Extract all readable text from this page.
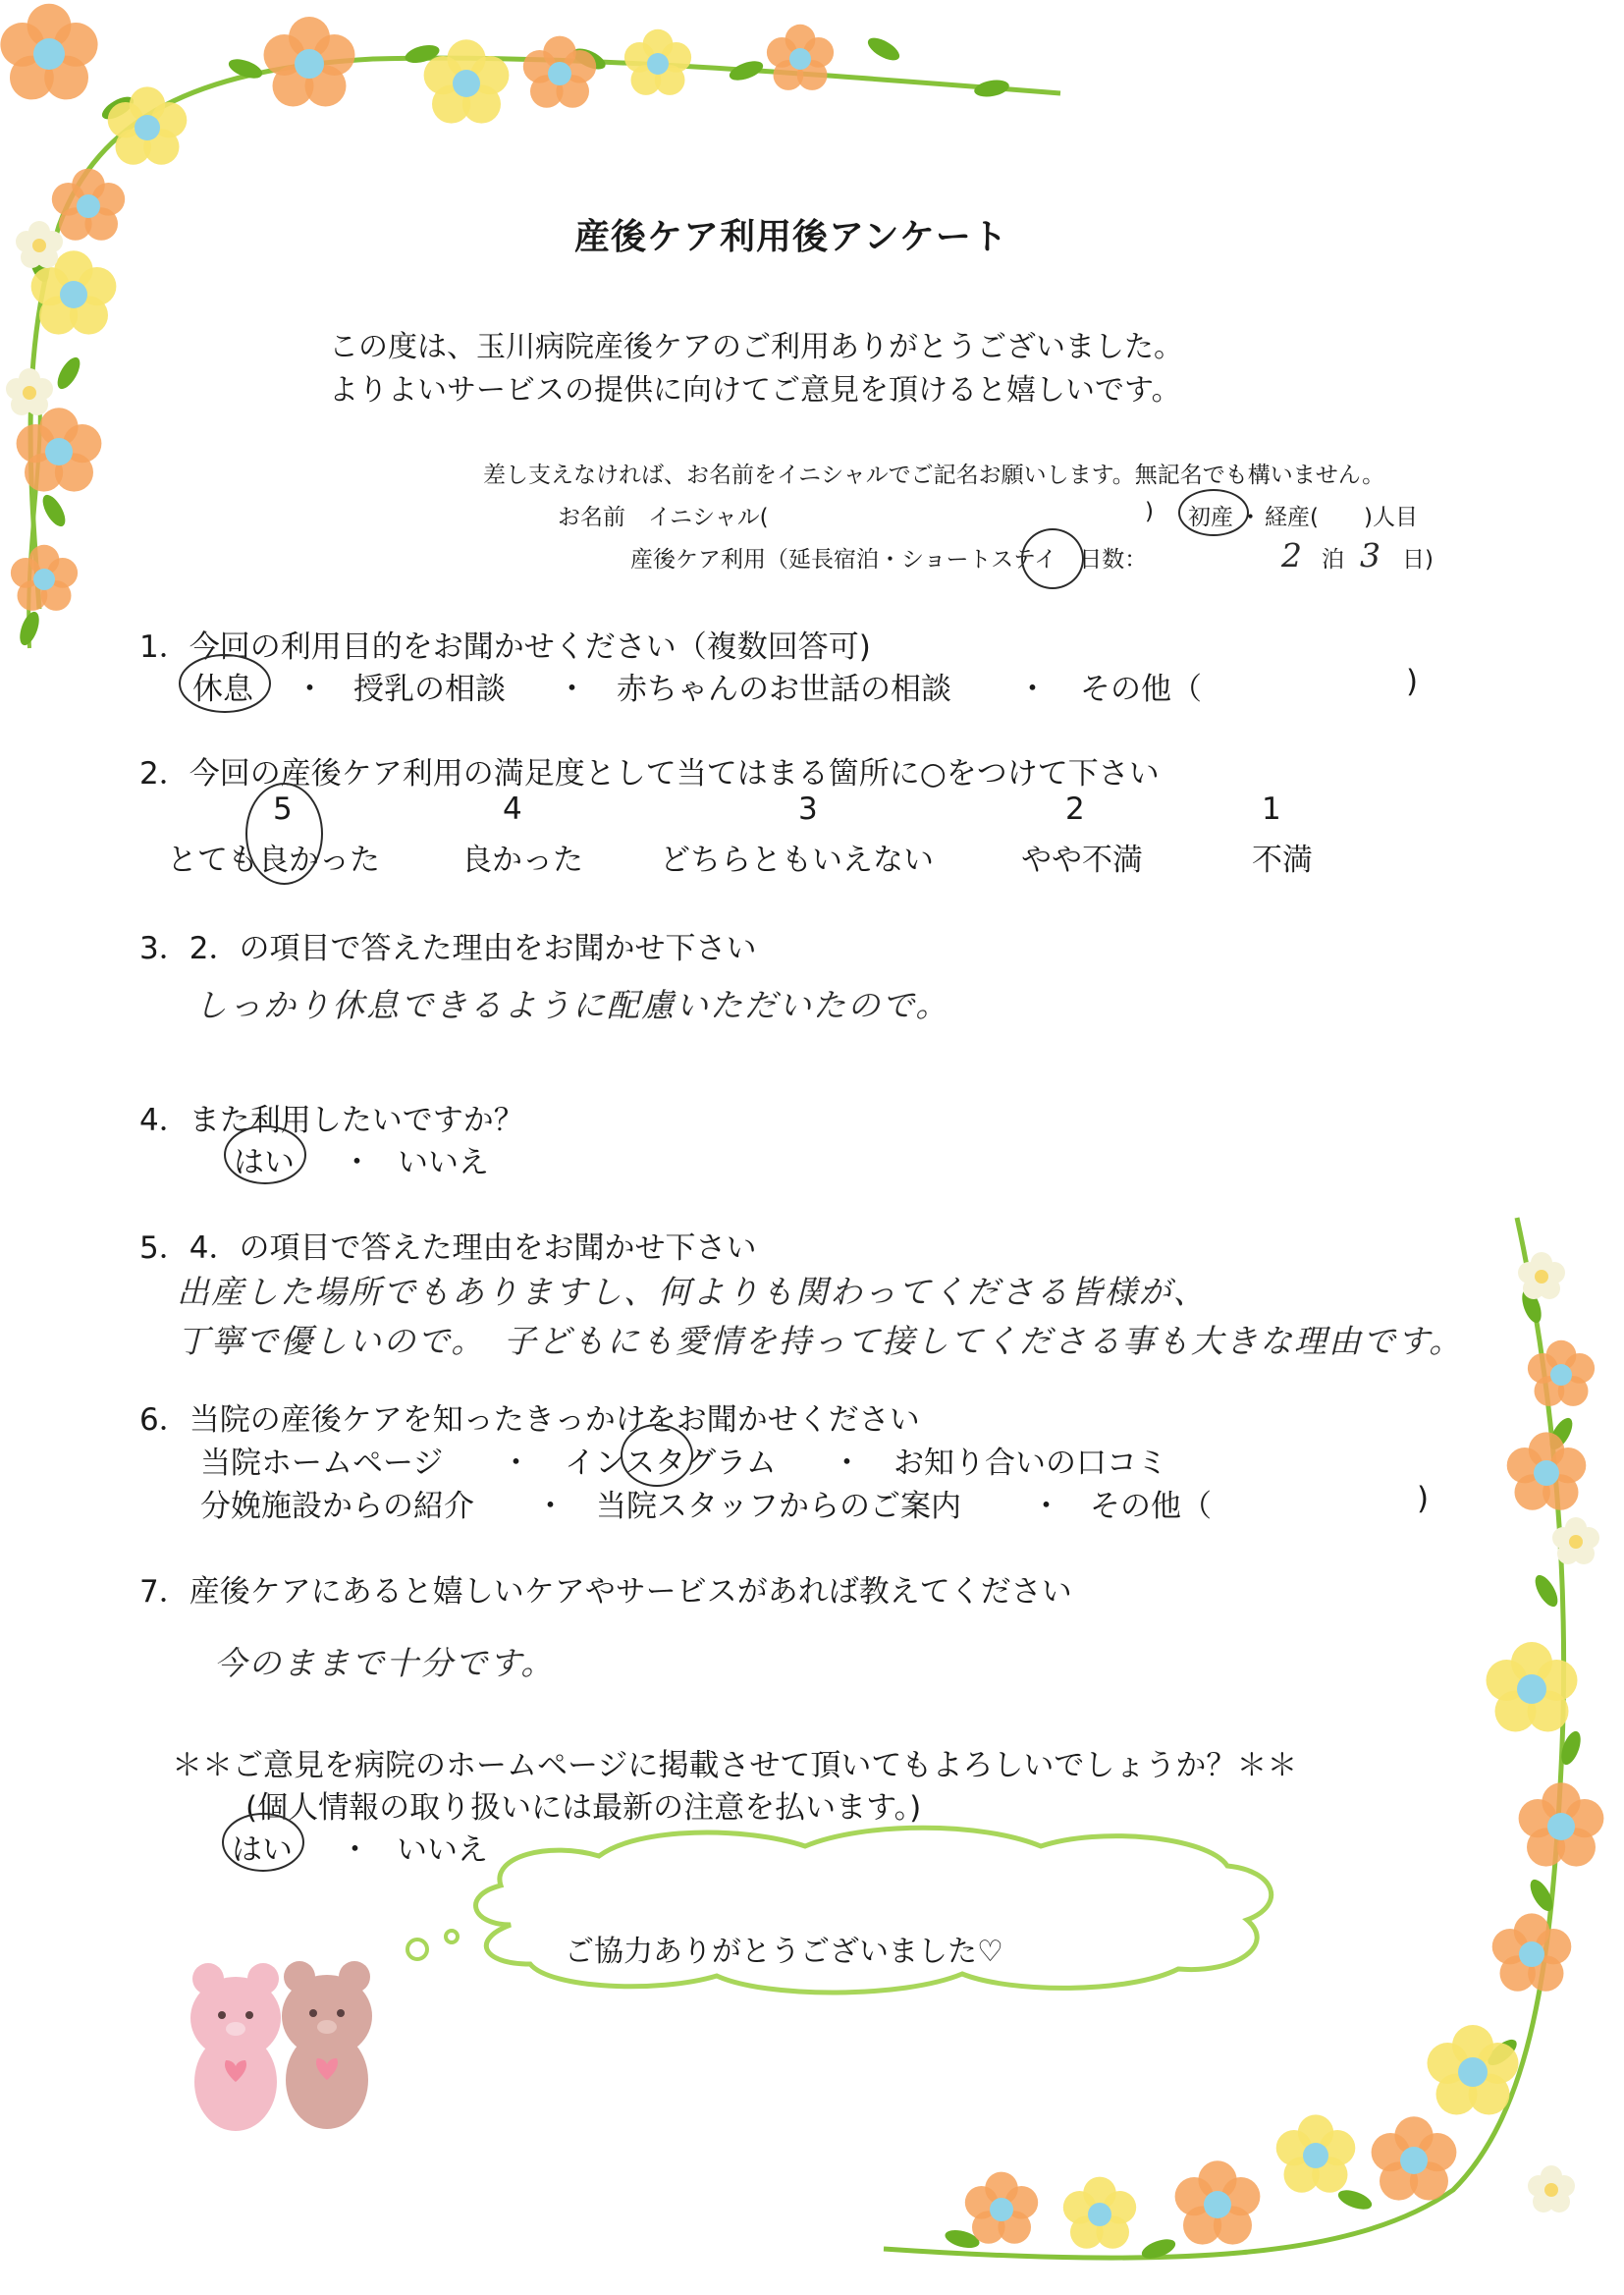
産後ケア利用後アンケート
この度は、玉川病院産後ケアのご利用ありがとうございました。
よりよいサービスの提供に向けてご意見を頂けると嬉しいです。
差し支えなければ、お名前をイニシャルでご記名お願いします。無記名でも構いません。
お名前　イニシャル(	) 初産 ・ 経産(　　)人目
産後ケア利用（延長宿泊・ショートステイ　日数：	2 泊 3 日)
1．今回の利用目的をお聞かせください（複数回答可)
休息 ・ 授乳の相談 ・ 赤ちゃんのお世話の相談 ・ その他（	)
2．今回の産後ケア利用の満足度として当てはまる箇所に○をつけて下さい
5	4	3	2	1
とても良かった	良かった	どちらともいえない	やや不満	不満
3．2．の項目で答えた理由をお聞かせ下さい
しっかり休息できるように配慮いただいたので。
4．また利用したいですか？
はい ・ いいえ
5．4．の項目で答えた理由をお聞かせ下さい
出産した場所でもありますし、何よりも関わってくださる皆様が、
丁寧で優しいので。　子どもにも愛情を持って接してくださる事も大きな理由です。
6．当院の産後ケアを知ったきっかけをお聞かせください
当院ホームページ ・ インスタグラム ・ お知り合いの口コミ
分娩施設からの紹介 ・ 当院スタッフからのご案内 ・ その他（	)
7．産後ケアにあると嬉しいケアやサービスがあれば教えてください
今のままで十分です。
＊＊ご意見を病院のホームページに掲載させて頂いてもよろしいでしょうか？＊＊
(個人情報の取り扱いには最新の注意を払います。)
はい ・ いいえ
ご協力ありがとうございました♡
